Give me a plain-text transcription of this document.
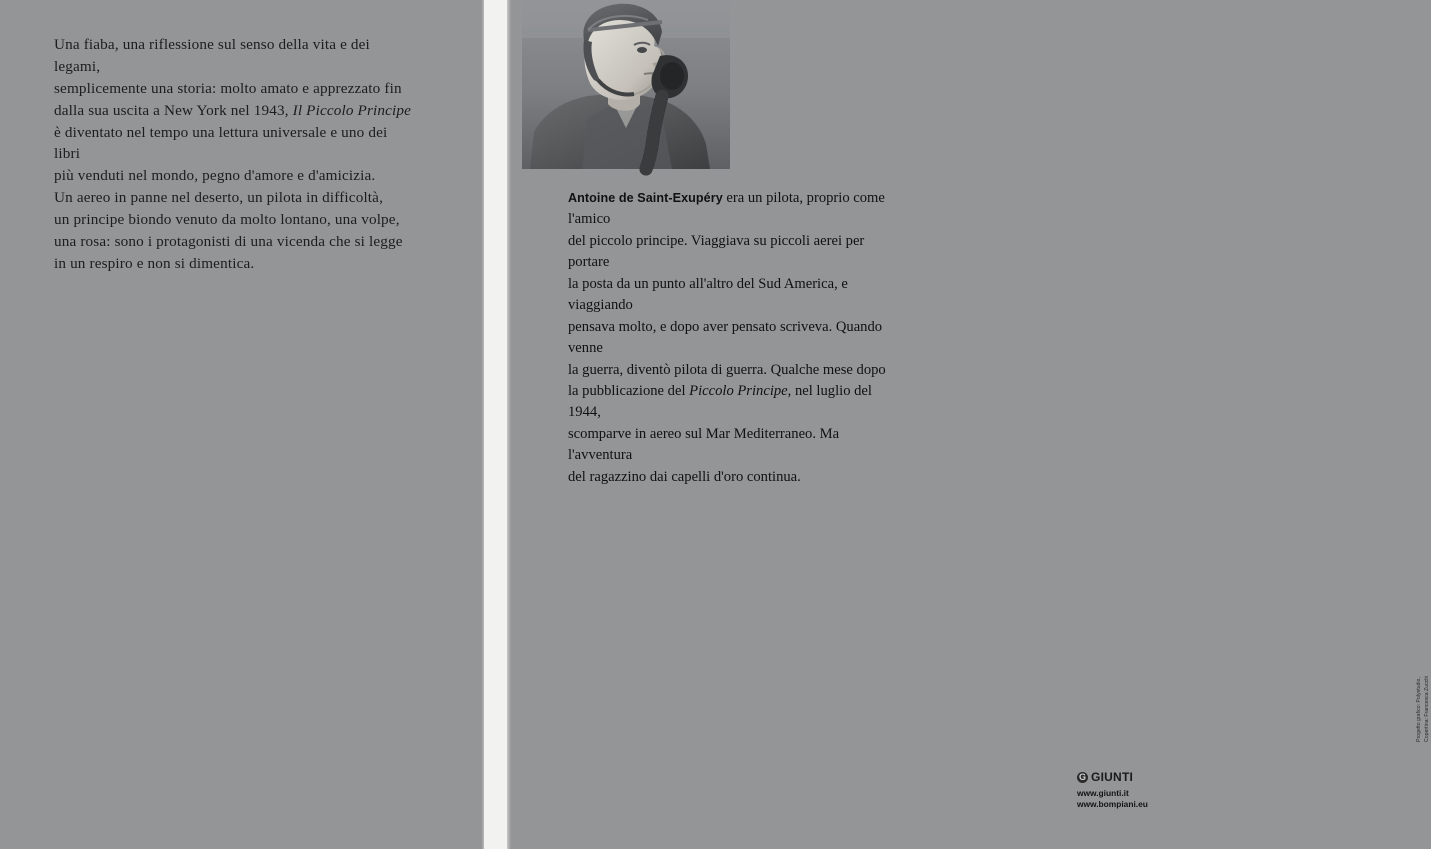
Una fiaba, una riflessione sul senso della vita e dei legami,

semplicemente una storia: molto amato e apprezzato fin

dalla sua uscita a New York nel 1943, Il Piccolo Principe

è diventato nel tempo una lettura universale e uno dei libri

più venduti nel mondo, pegno d'amore e d'amicizia.

Un aereo in panne nel deserto, un pilota in difficoltà,

un principe biondo venuto da molto lontano, una volpe,

una rosa: sono i protagonisti di una vicenda che si legge

in un respiro e non si dimentica.

Antoine de Saint-Exupéry era un pilota, proprio come l'amico

del piccolo principe. Viaggiava su piccoli aerei per portare

la posta da un punto all'altro del Sud America, e viaggiando

pensava molto, e dopo aver pensato scriveva. Quando venne

la guerra, diventò pilota di guerra. Qualche mese dopo

la pubblicazione del Piccolo Principe, nel luglio del 1944,

scomparve in aereo sul Mar Mediterraneo. Ma l'avventura

del ragazzino dai capelli d'oro continua.

G GIUNTI
www.giunti.it
www.bompiani.eu
Progetto grafico: Polystudio, Copertina: Francesca Zucchi
